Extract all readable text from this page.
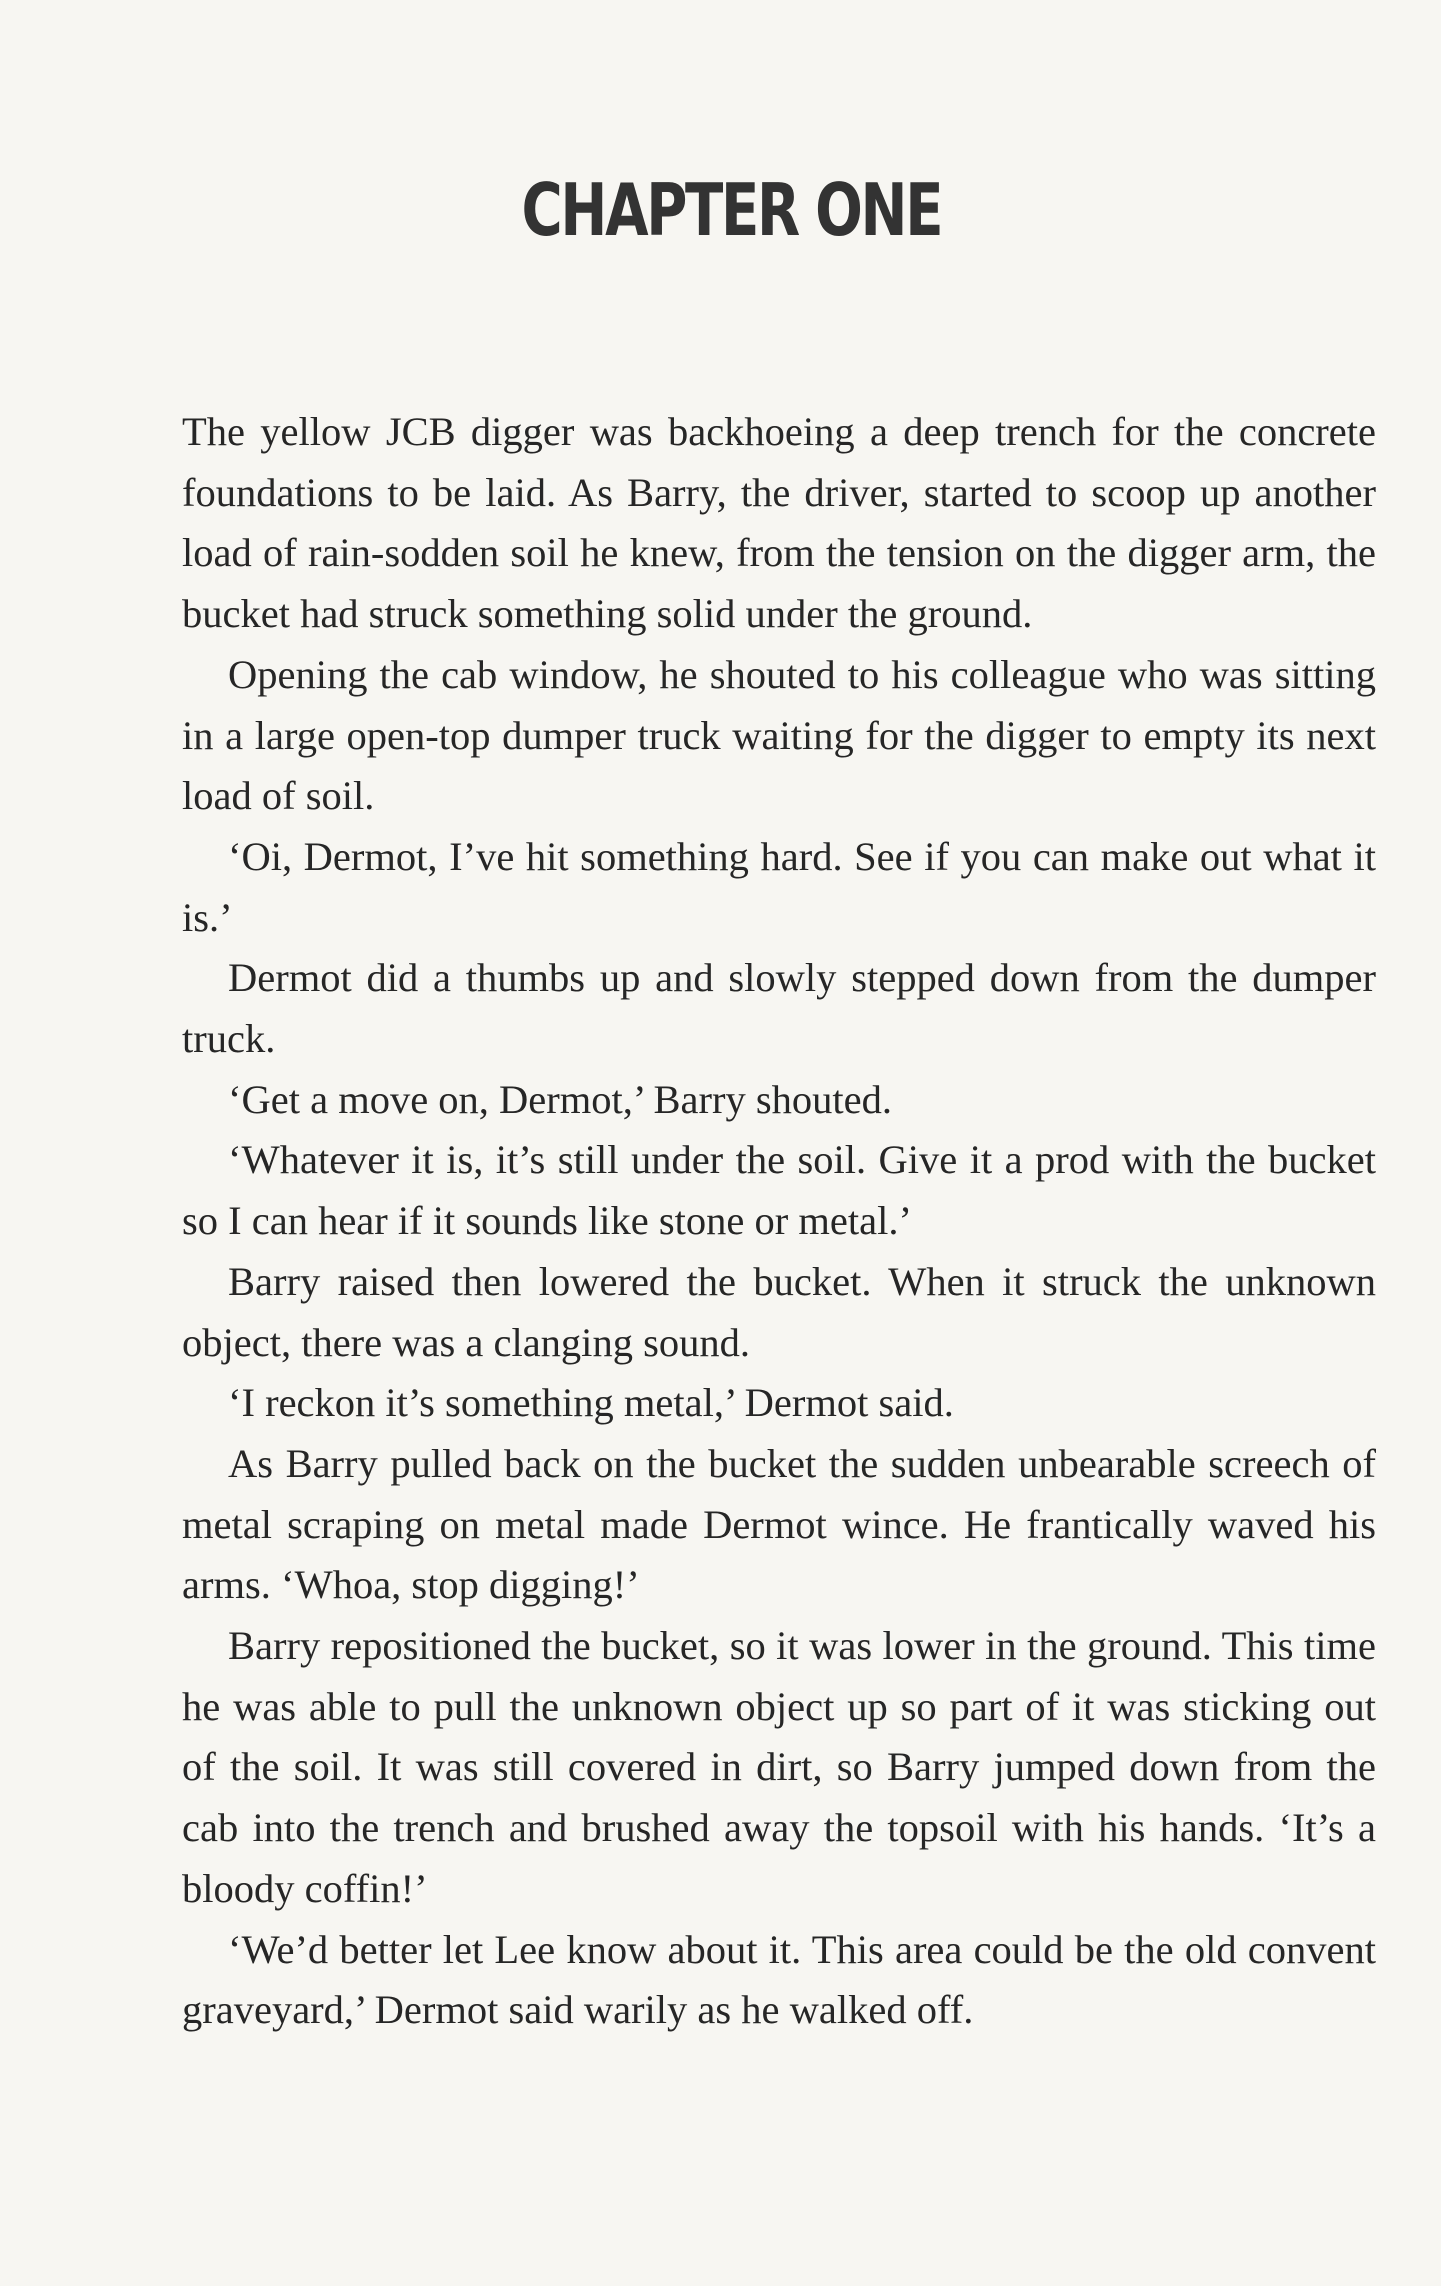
CHAPTER ONE

The yellow JCB digger was backhoeing a deep trench for the concrete foundations to be laid. As Barry, the driver, started to scoop up another load of rain-sodden soil he knew, from the tension on the digger arm, the bucket had struck something solid under the ground.

Opening the cab window, he shouted to his colleague who was sitting in a large open-top dumper truck waiting for the digger to empty its next load of soil.

‘Oi, Dermot, I’ve hit something hard. See if you can make out what it is.’

Dermot did a thumbs up and slowly stepped down from the dumper truck.

‘Get a move on, Dermot,’ Barry shouted.

‘Whatever it is, it’s still under the soil. Give it a prod with the bucket so I can hear if it sounds like stone or metal.’

Barry raised then lowered the bucket. When it struck the unknown object, there was a clanging sound.

‘I reckon it’s something metal,’ Dermot said.

As Barry pulled back on the bucket the sudden unbearable screech of metal scraping on metal made Dermot wince. He frantically waved his arms. ‘Whoa, stop digging!’

Barry repositioned the bucket, so it was lower in the ground. This time he was able to pull the unknown object up so part of it was sticking out of the soil. It was still covered in dirt, so Barry jumped down from the cab into the trench and brushed away the topsoil with his hands. ‘It’s a bloody coffin!’

‘We’d better let Lee know about it. This area could be the old convent graveyard,’ Dermot said warily as he walked off.
